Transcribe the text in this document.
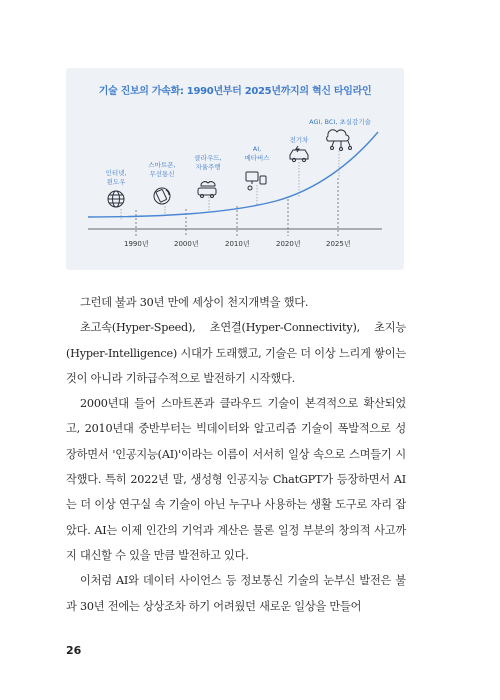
기술 진보의 가속화: 1990년부터 2025년까지의 혁신 타임라인
인터넷,
윈도우
스마트폰,
무선통신
클라우드,
자율주행
AI,
메타버스
전기차
AGI, BCI, 초실감기술
1990년	2000년	2010년	2020년	2025년

그런데 불과 30년 만에 세상이 천지개벽을 했다.

초고속(Hyper-Speed), 초연결(Hyper-Connectivity), 초지능(Hyper-Intelligence) 시대가 도래했고, 기술은 더 이상 느리게 쌓이는 것이 아니라 기하급수적으로 발전하기 시작했다.

2000년대 들어 스마트폰과 클라우드 기술이 본격적으로 확산되었고, 2010년대 중반부터는 빅데이터와 알고리즘 기술이 폭발적으로 성장하면서 '인공지능(AI)'이라는 이름이 서서히 일상 속으로 스며들기 시작했다. 특히 2022년 말, 생성형 인공지능 ChatGPT가 등장하면서 AI는 더 이상 연구실 속 기술이 아닌 누구나 사용하는 생활 도구로 자리 잡았다. AI는 이제 인간의 기억과 계산은 물론 일정 부분의 창의적 사고까지 대신할 수 있을 만큼 발전하고 있다.

이처럼 AI와 데이터 사이언스 등 정보통신 기술의 눈부신 발전은 불과 30년 전에는 상상조차 하기 어려웠던 새로운 일상을 만들어

26
